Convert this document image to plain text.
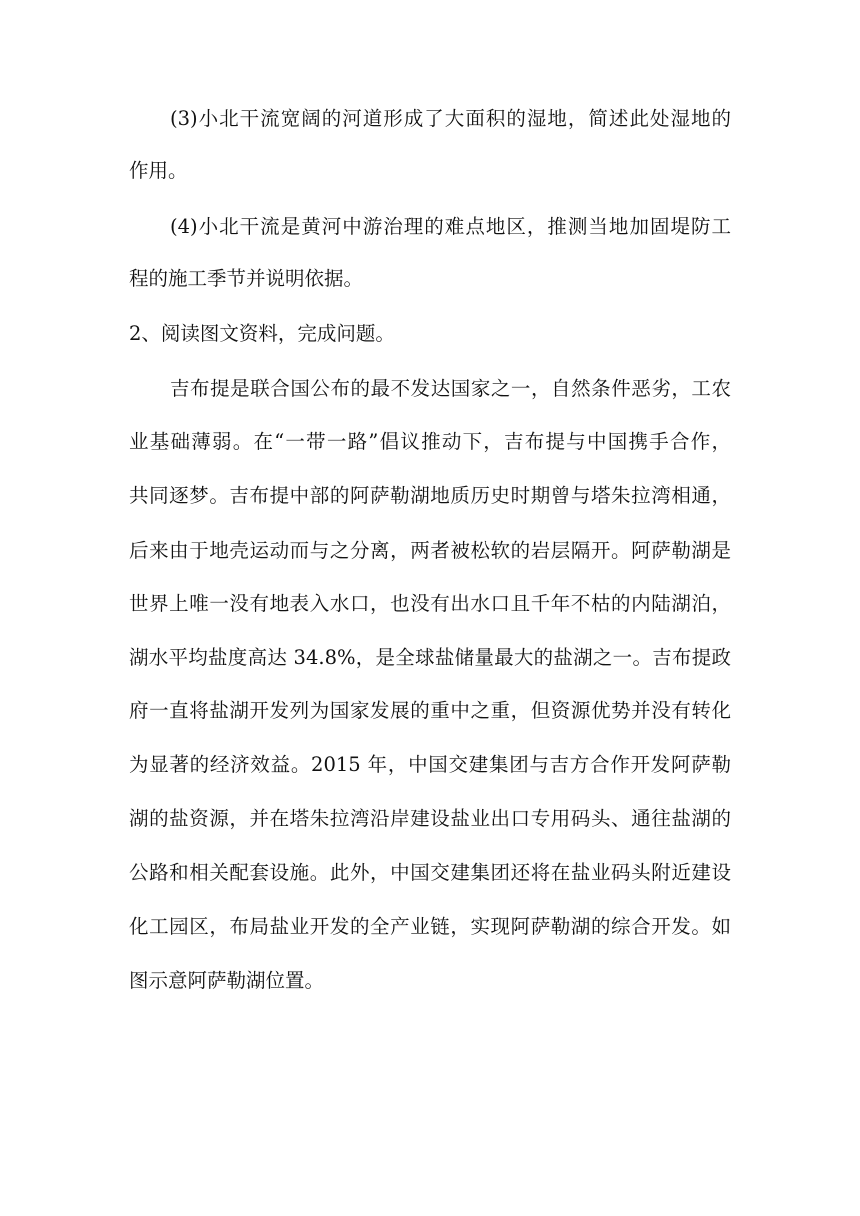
(3)小北干流宽阔的河道形成了大面积的湿地，简述此处湿地的
作用。
(4)小北干流是黄河中游治理的难点地区，推测当地加固堤防工
程的施工季节并说明依据。
2、阅读图文资料，完成问题。
吉布提是联合国公布的最不发达国家之一，自然条件恶劣，工农
业基础薄弱。在“一带一路”倡议推动下，吉布提与中国携手合作，
共同逐梦。吉布提中部的阿萨勒湖地质历史时期曾与塔朱拉湾相通，
后来由于地壳运动而与之分离，两者被松软的岩层隔开。阿萨勒湖是
世界上唯一没有地表入水口，也没有出水口且千年不枯的内陆湖泊，
湖水平均盐度高达 34.8%，是全球盐储量最大的盐湖之一。吉布提政
府一直将盐湖开发列为国家发展的重中之重，但资源优势并没有转化
为显著的经济效益。2015 年，中国交建集团与吉方合作开发阿萨勒
湖的盐资源，并在塔朱拉湾沿岸建设盐业出口专用码头、通往盐湖的
公路和相关配套设施。此外，中国交建集团还将在盐业码头附近建设
化工园区，布局盐业开发的全产业链，实现阿萨勒湖的综合开发。如
图示意阿萨勒湖位置。
